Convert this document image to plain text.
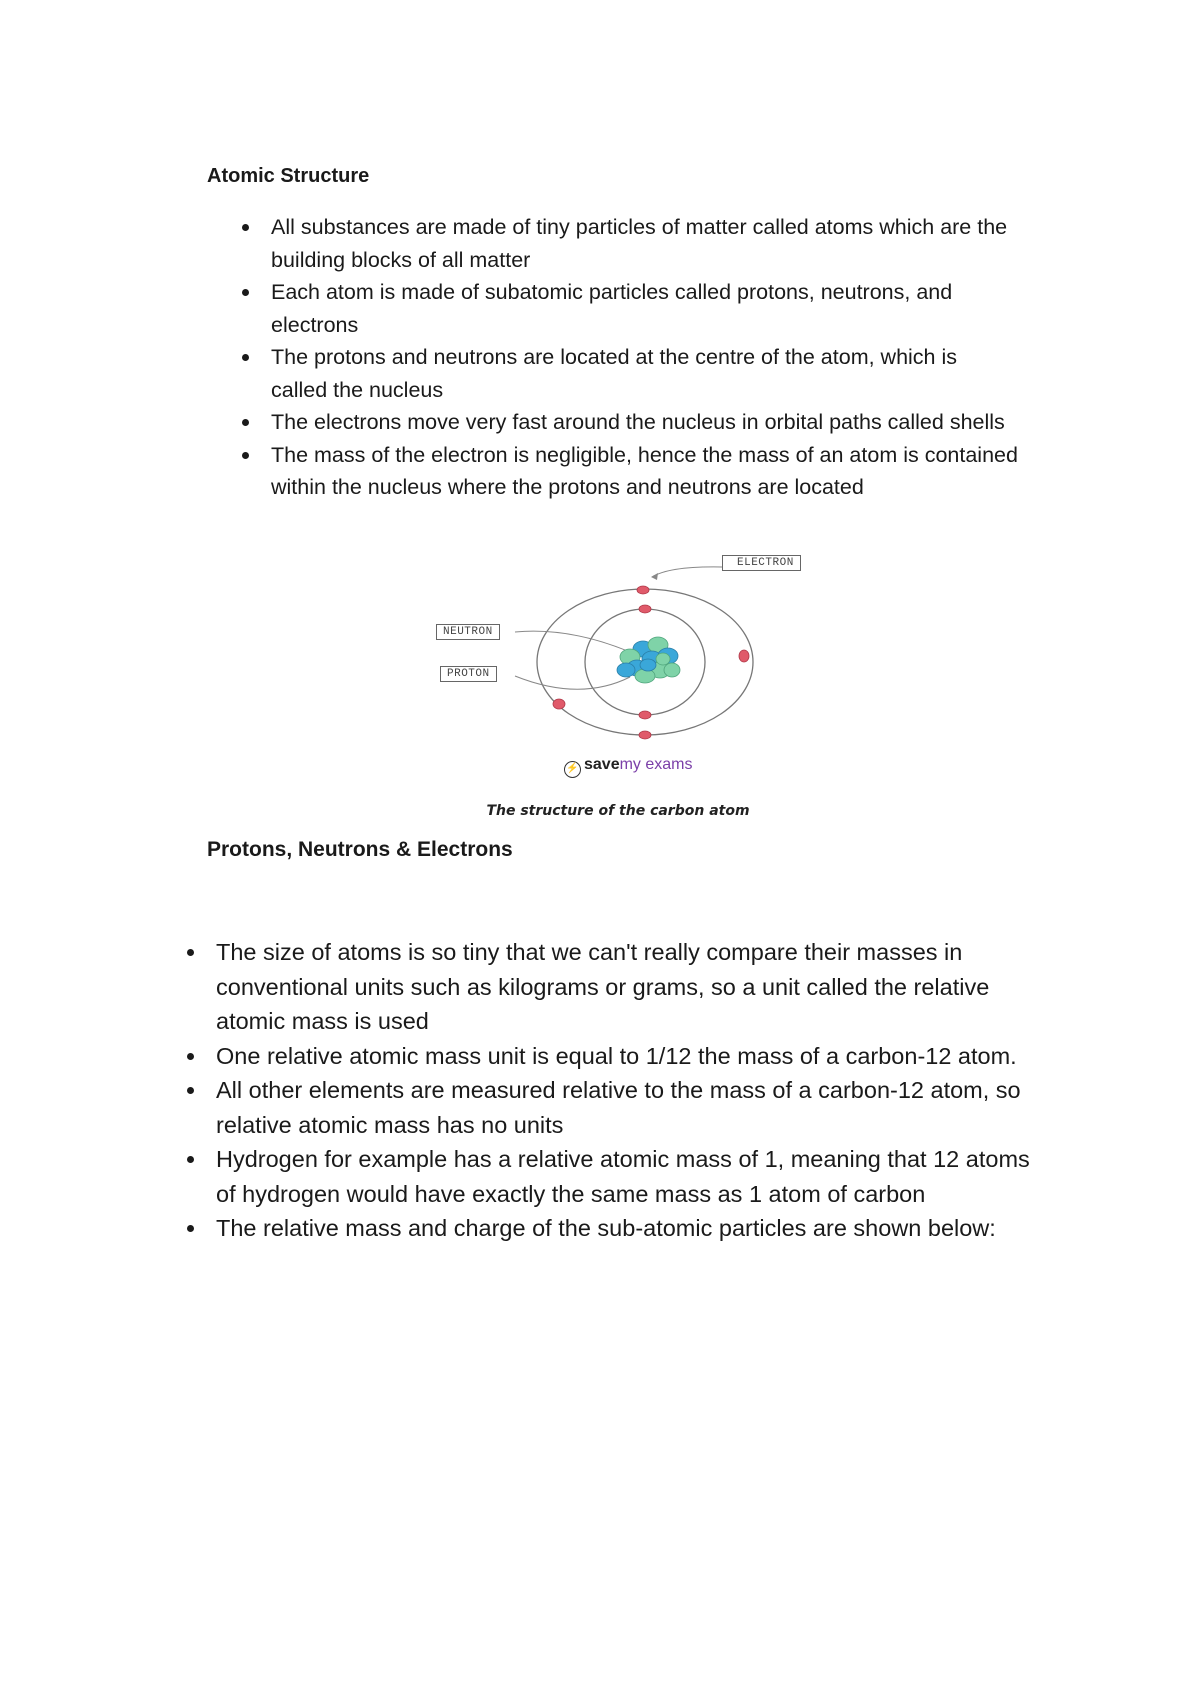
Atomic Structure
All substances are made of tiny particles of matter called atoms which are the building blocks of all matter
Each atom is made of subatomic particles called protons, neutrons, and electrons
The protons and neutrons are located at the centre of the atom, which is called the nucleus
The electrons move very fast around the nucleus in orbital paths called shells
The mass of the electron is negligible, hence the mass of an atom is contained within the nucleus where the protons and neutrons are located
ELECTRON
NEUTRON
PROTON
⚡ savemy exams
The structure of the carbon atom
Protons, Neutrons & Electrons
The size of atoms is so tiny that we can't really compare their masses in conventional units such as kilograms or grams, so a unit called the relative atomic mass is used
One relative atomic mass unit is equal to 1/12 the mass of a carbon-12 atom.
All other elements are measured relative to the mass of a carbon-12 atom, so relative atomic mass has no units
Hydrogen for example has a relative atomic mass of 1, meaning that 12 atoms of hydrogen would have exactly the same mass as 1 atom of carbon
The relative mass and charge of the sub-atomic particles are shown below:
